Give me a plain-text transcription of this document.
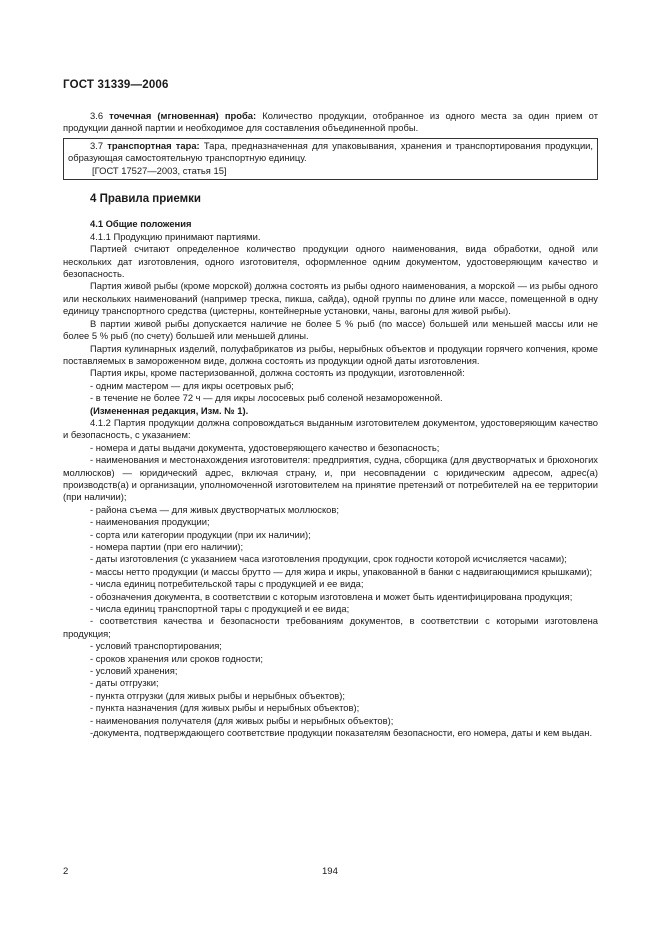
ГОСТ 31339—2006

3.6 точечная (мгновенная) проба: Количество продукции, отобранное из одного места за один прием от продукции данной партии и необходимое для составления объединенной пробы.

3.7 транспортная тара: Тара, предназначенная для упаковывания, хранения и транспортирования продукции, образующая самостоятельную транспортную единицу.

[ГОСТ 17527—2003, статья 15]

4 Правила приемки

4.1 Общие положения

4.1.1 Продукцию принимают партиями.

Партией считают определенное количество продукции одного наименования, вида обработки, одной или нескольких дат изготовления, одного изготовителя, оформленное одним документом, удостоверяющим качество и безопасность.

Партия живой рыбы (кроме морской) должна состоять из рыбы одного наименования, а морской — из рыбы одного или нескольких наименований (например треска, пикша, сайда), одной группы по длине или массе, помещенной в одну единицу транспортного средства (цистерны, контейнерные установки, чаны, вагоны для живой рыбы).

В партии живой рыбы допускается наличие не более 5 % рыб (по массе) большей или меньшей массы или не более 5 % рыб (по счету) большей или меньшей длины.

Партия кулинарных изделий, полуфабрикатов из рыбы, нерыбных объектов и продукции горячего копчения, кроме поставляемых в замороженном виде, должна состоять из продукции одной даты изготовления.

Партия икры, кроме пастеризованной, должна состоять из продукции, изготовленной:

- одним мастером — для икры осетровых рыб;

- в течение не более 72 ч — для икры лососевых рыб соленой незамороженной.

(Измененная редакция, Изм. № 1).

4.1.2 Партия продукции должна сопровождаться выданным изготовителем документом, удостоверяющим качество и безопасность, с указанием:

- номера и даты выдачи документа, удостоверяющего качество и безопасность;

- наименования и местонахождения изготовителя: предприятия, судна, сборщика (для двустворчатых и брюхоногих моллюсков) — юридический адрес, включая страну, и, при несовпадении с юридическим адресом, адрес(а) производств(а) и организации, уполномоченной изготовителем на принятие претензий от потребителей на ее территории (при наличии);

- района съема — для живых двустворчатых моллюсков;

- наименования продукции;

- сорта или категории продукции (при их наличии);

- номера партии (при его наличии);

- даты изготовления (с указанием часа изготовления продукции, срок годности которой исчисляется часами);

- массы нетто продукции (и массы брутто — для жира и икры, упакованной в банки с надвигающимися крышками);

- числа единиц потребительской тары с продукцией и ее вида;

- обозначения документа, в соответствии с которым изготовлена и может быть идентифицирована продукция;

- числа единиц транспортной тары с продукцией и ее вида;

- соответствия качества и безопасности требованиям документов, в соответствии с которыми изготовлена продукция;

- условий транспортирования;

- сроков хранения или сроков годности;

- условий хранения;

- даты отгрузки;

- пункта отгрузки (для живых рыбы и нерыбных объектов);

- пункта назначения (для живых рыбы и нерыбных объектов);

- наименования получателя (для живых рыбы и нерыбных объектов);

-документа, подтверждающего соответствие продукции показателям безопасности, его номера, даты и кем выдан.

2	194
